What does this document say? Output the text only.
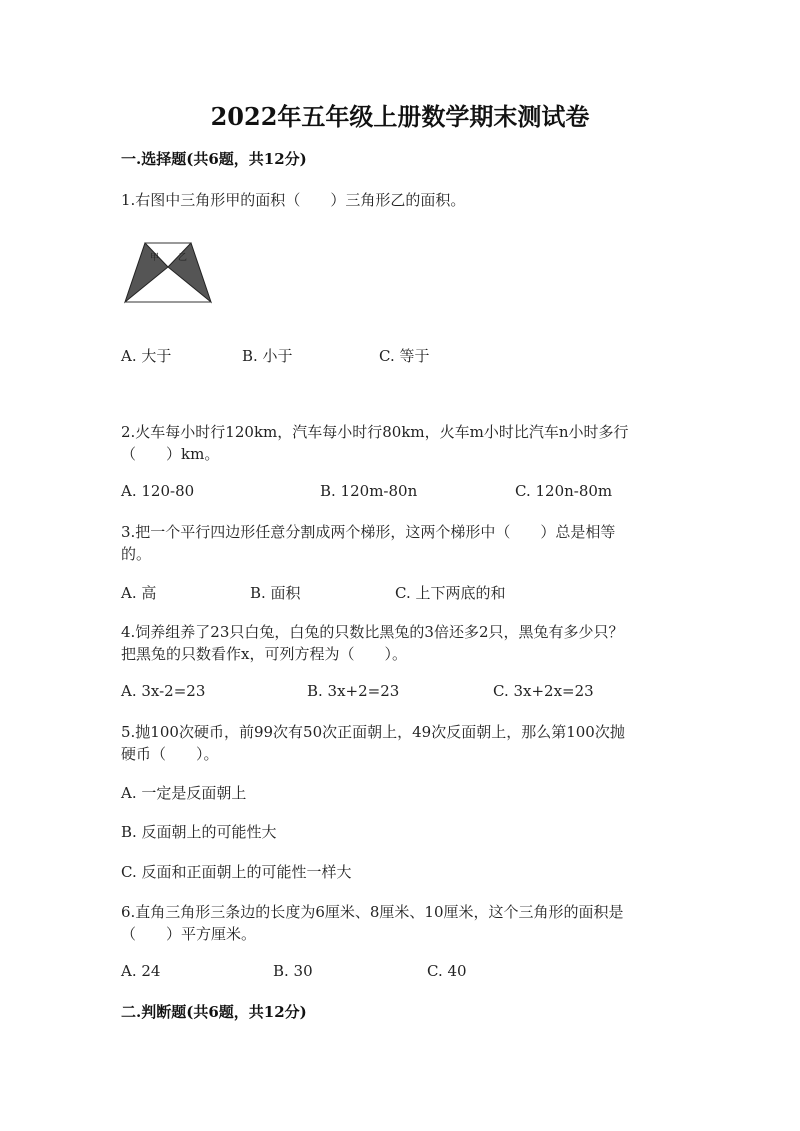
2022年五年级上册数学期末测试卷
一.选择题(共6题，共12分)
1.右图中三角形甲的面积（　　）三角形乙的面积。
甲 乙
A. 大于	B. 小于	C. 等于
2.火车每小时行120km，汽车每小时行80km，火车m小时比汽车n小时多行
（　　）km。
A. 120-80	B. 120m-80n	C. 120n-80m
3.把一个平行四边形任意分割成两个梯形，这两个梯形中（　　）总是相等
的。
A. 高	B. 面积	C. 上下两底的和
4.饲养组养了23只白兔，白兔的只数比黑兔的3倍还多2只，黑兔有多少只？
把黑兔的只数看作x，可列方程为（　　）。
A. 3x-2=23	B. 3x+2=23	C. 3x+2x=23
5.抛100次硬币，前99次有50次正面朝上，49次反面朝上，那么第100次抛
硬币（　　）。
A. 一定是反面朝上
B. 反面朝上的可能性大
C. 反面和正面朝上的可能性一样大
6.直角三角形三条边的长度为6厘米、8厘米、10厘米，这个三角形的面积是
（　　）平方厘米。
A. 24	B. 30	C. 40
二.判断题(共6题，共12分)
